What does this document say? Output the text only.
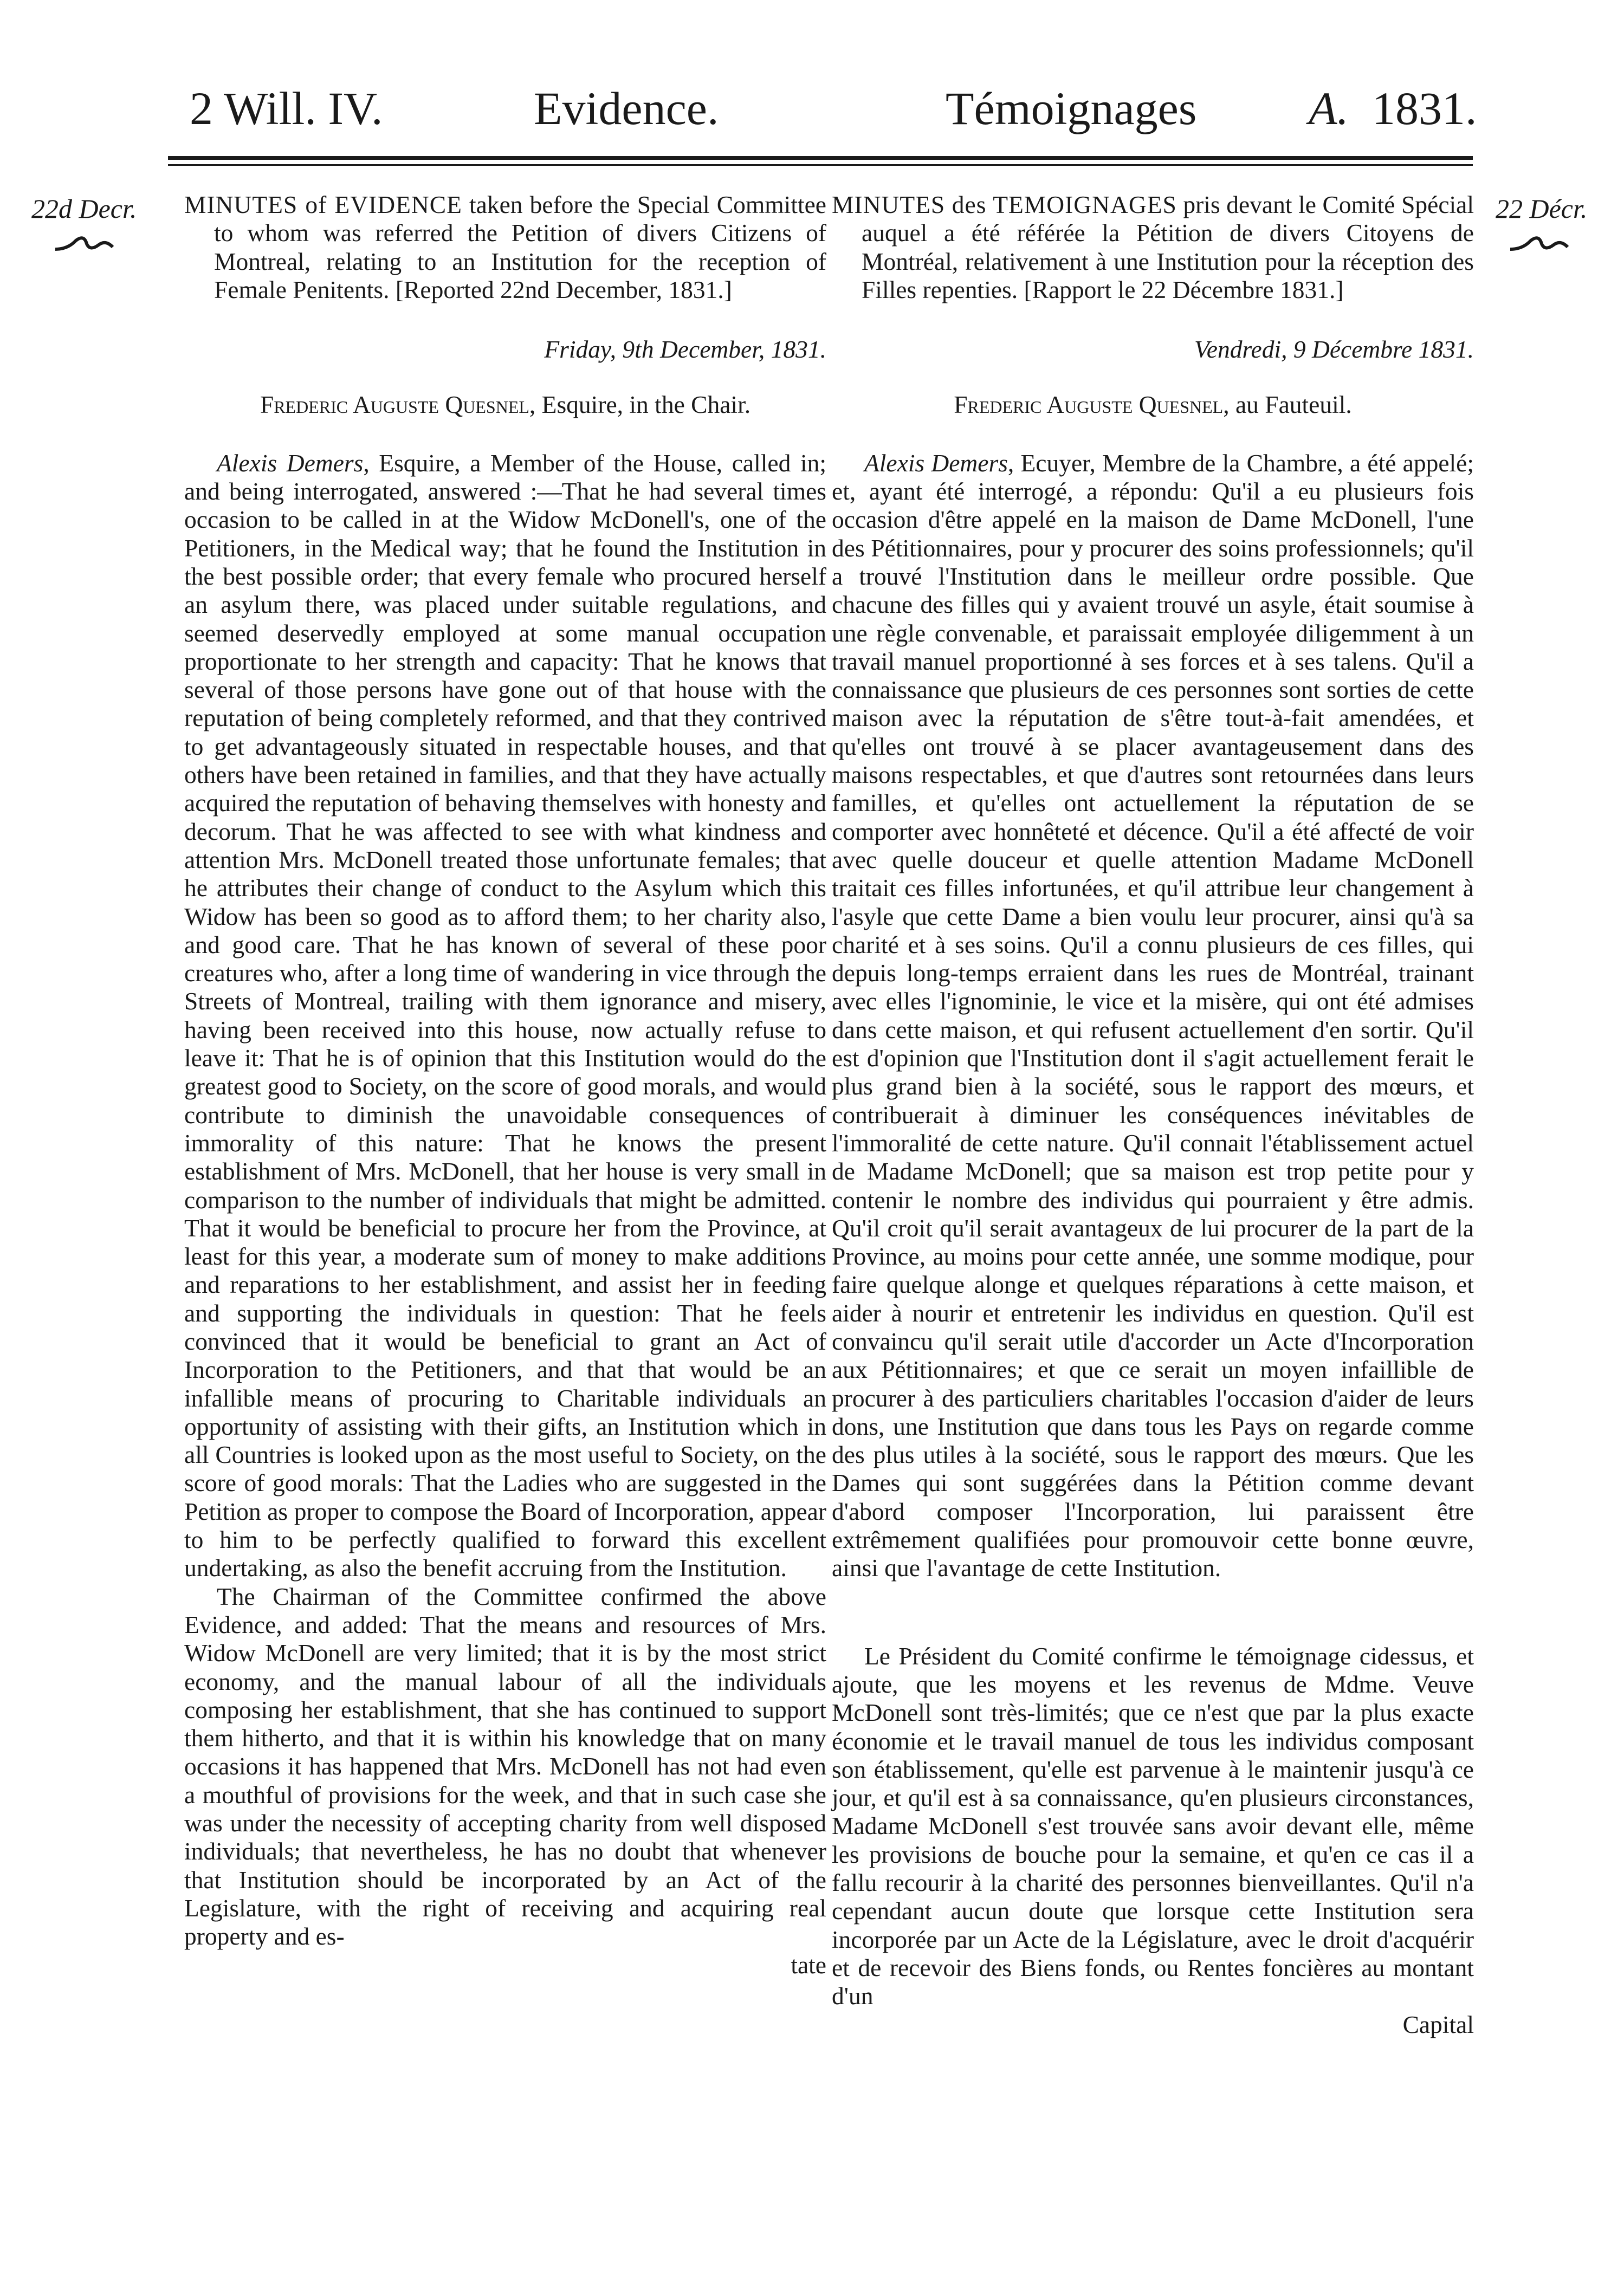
2 Will. IV.	Evidence.	Témoignages A. 1831.
22d Decr.	22 Décr.

MINUTES of EVIDENCE taken before the Special Committee to whom was referred the Petition of divers Citizens of Montreal, relating to an Institution for the reception of Female Penitents. [Reported 22nd December, 1831.]

Friday, 9th December, 1831.

Frederic Auguste Quesnel, Esquire, in the Chair.

Alexis Demers, Esquire, a Member of the House, called in; and being interrogated, answered :—That he had several times occasion to be called in at the Widow McDonell's, one of the Petitioners, in the Medical way; that he found the Institution in the best possible order; that every female who procured herself an asylum there, was placed under suitable regulations, and seemed deservedly employed at some manual occupation proportionate to her strength and capacity: That he knows that several of those persons have gone out of that house with the reputation of being completely reformed, and that they contrived to get advantageously situated in respectable houses, and that others have been retained in families, and that they have actually acquired the reputation of behaving themselves with honesty and decorum. That he was affected to see with what kindness and attention Mrs. McDonell treated those unfortunate females; that he attributes their change of conduct to the Asylum which this Widow has been so good as to afford them; to her charity also, and good care. That he has known of several of these poor creatures who, after a long time of wandering in vice through the Streets of Montreal, trailing with them ignorance and misery, having been received into this house, now actually refuse to leave it: That he is of opinion that this Institution would do the greatest good to Society, on the score of good morals, and would contribute to diminish the unavoidable consequences of immorality of this nature: That he knows the present establishment of Mrs. McDonell, that her house is very small in comparison to the number of individuals that might be admitted. That it would be beneficial to procure her from the Province, at least for this year, a moderate sum of money to make additions and reparations to her establishment, and assist her in feeding and supporting the individuals in question: That he feels convinced that it would be beneficial to grant an Act of Incorporation to the Petitioners, and that that would be an infallible means of procuring to Charitable individuals an opportunity of assisting with their gifts, an Institution which in all Countries is looked upon as the most useful to Society, on the score of good morals: That the Ladies who are suggested in the Petition as proper to compose the Board of Incorporation, appear to him to be perfectly qualified to forward this excellent undertaking, as also the benefit accruing from the Institution.

The Chairman of the Committee confirmed the above Evidence, and added: That the means and resources of Mrs. Widow McDonell are very limited; that it is by the most strict economy, and the manual labour of all the individuals composing her establishment, that she has continued to support them hitherto, and that it is within his knowledge that on many occasions it has happened that Mrs. McDonell has not had even a mouthful of provisions for the week, and that in such case she was under the necessity of accepting charity from well disposed individuals; that nevertheless, he has no doubt that whenever that Institution should be incorporated by an Act of the Legislature, with the right of receiving and acquiring real property and es-

tate

MINUTES des TEMOIGNAGES pris devant le Comité Spécial auquel a été référée la Pétition de divers Citoyens de Montréal, relativement à une Institution pour la réception des Filles repenties. [Rapport le 22 Décembre 1831.]

Vendredi, 9 Décembre 1831.

Frederic Auguste Quesnel, au Fauteuil.

Alexis Demers, Ecuyer, Membre de la Chambre, a été appelé; et, ayant été interrogé, a répondu: Qu'il a eu plusieurs fois occasion d'être appelé en la maison de Dame McDonell, l'une des Pétitionnaires, pour y procurer des soins professionnels; qu'il a trouvé l'Institution dans le meilleur ordre possible. Que chacune des filles qui y avaient trouvé un asyle, était soumise à une règle convenable, et paraissait employée diligemment à un travail manuel proportionné à ses forces et à ses talens. Qu'il a connaissance que plusieurs de ces personnes sont sorties de cette maison avec la réputation de s'être tout-à-fait amendées, et qu'elles ont trouvé à se placer avantageusement dans des maisons respectables, et que d'autres sont retournées dans leurs familles, et qu'elles ont actuellement la réputation de se comporter avec honnêteté et décence. Qu'il a été affecté de voir avec quelle douceur et quelle attention Madame McDonell traitait ces filles infortunées, et qu'il attribue leur changement à l'asyle que cette Dame a bien voulu leur procurer, ainsi qu'à sa charité et à ses soins. Qu'il a connu plusieurs de ces filles, qui depuis long-temps erraient dans les rues de Montréal, trainant avec elles l'ignominie, le vice et la misère, qui ont été admises dans cette maison, et qui refusent actuellement d'en sortir. Qu'il est d'opinion que l'Institution dont il s'agit actuellement ferait le plus grand bien à la société, sous le rapport des mœurs, et contribuerait à diminuer les conséquences inévitables de l'immoralité de cette nature. Qu'il connait l'établissement actuel de Madame McDonell; que sa maison est trop petite pour y contenir le nombre des individus qui pourraient y être admis. Qu'il croit qu'il serait avantageux de lui procurer de la part de la Province, au moins pour cette année, une somme modique, pour faire quelque alonge et quelques réparations à cette maison, et aider à nourir et entretenir les individus en question. Qu'il est convaincu qu'il serait utile d'accorder un Acte d'Incorporation aux Pétitionnaires; et que ce serait un moyen infaillible de procurer à des particuliers charitables l'occasion d'aider de leurs dons, une Institution que dans tous les Pays on regarde comme des plus utiles à la société, sous le rapport des mœurs. Que les Dames qui sont suggérées dans la Pétition comme devant d'abord composer l'Incorporation, lui paraissent être extrêmement qualifiées pour promouvoir cette bonne œuvre, ainsi que l'avantage de cette Institution.

Le Président du Comité confirme le témoignage cidessus, et ajoute, que les moyens et les revenus de Mdme. Veuve McDonell sont très-limités; que ce n'est que par la plus exacte économie et le travail manuel de tous les individus composant son établissement, qu'elle est parvenue à le maintenir jusqu'à ce jour, et qu'il est à sa connaissance, qu'en plusieurs circonstances, Madame McDonell s'est trouvée sans avoir devant elle, même les provisions de bouche pour la semaine, et qu'en ce cas il a fallu recourir à la charité des personnes bienveillantes. Qu'il n'a cependant aucun doute que lorsque cette Institution sera incorporée par un Acte de la Législature, avec le droit d'acquérir et de recevoir des Biens fonds, ou Rentes foncières au montant d'un

Capital
